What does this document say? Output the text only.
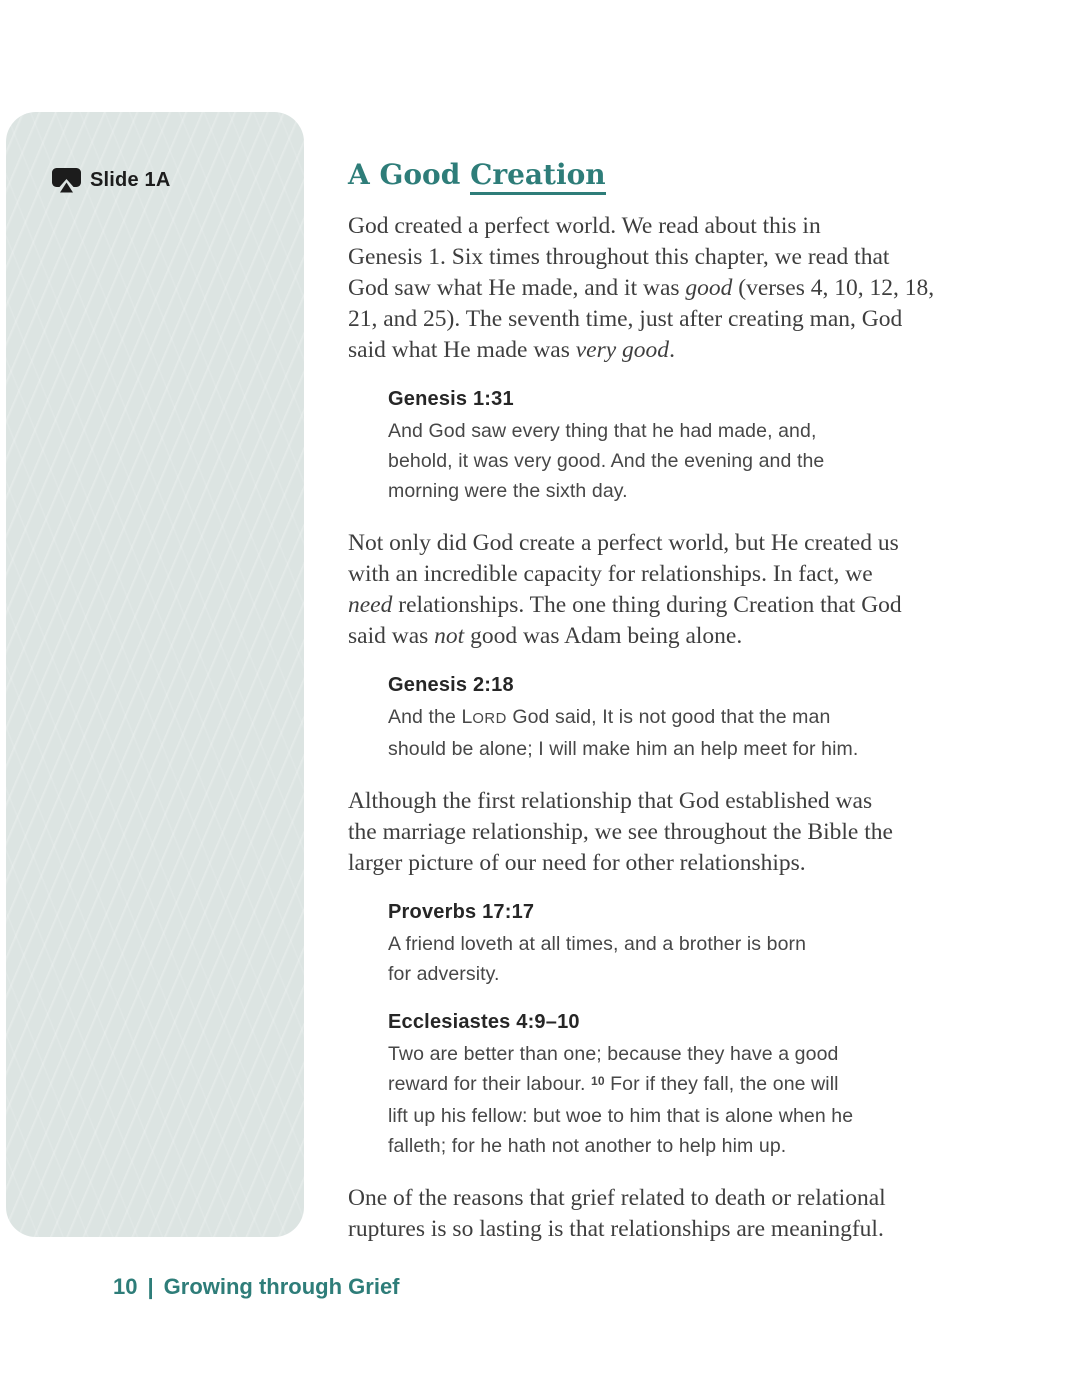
Slide 1A	A Good Creation

God created a perfect world. We read about this in
Genesis 1. Six times throughout this chapter, we read that
God saw what He made, and it was good (verses 4, 10, 12, 18,
21, and 25). The seventh time, just after creating man, God
said what He made was very good.

Genesis 1:31

And God saw every thing that he had made, and,
behold, it was very good. And the evening and the
morning were the sixth day.

Not only did God create a perfect world, but He created us
with an incredible capacity for relationships. In fact, we
need relationships. The one thing during Creation that God
said was not good was Adam being alone.

Genesis 2:18

And the LORD God said, It is not good that the man
should be alone; I will make him an help meet for him.

Although the first relationship that God established was
the marriage relationship, we see throughout the Bible the
larger picture of our need for other relationships.

Proverbs 17:17

A friend loveth at all times, and a brother is born
for adversity.

Ecclesiastes 4:9–10

Two are better than one; because they have a good
reward for their labour. $^{10}$ For if they fall, the one will
lift up his fellow: but woe to him that is alone when he
falleth; for he hath not another to help him up.

One of the reasons that grief related to death or relational
ruptures is so lasting is that relationships are meaningful.

10 | Growing through Grief
